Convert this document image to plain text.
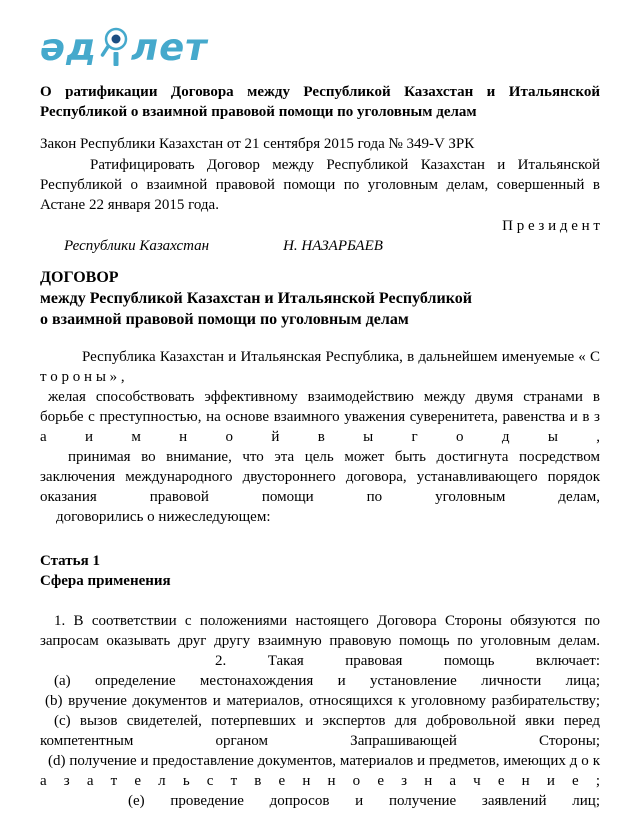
әд лет
О ратификации Договора между Республикой Казахстан и Итальянской Республикой о взаимной правовой помощи по уголовным делам

Закон Республики Казахстан от 21 сентября 2015 года № 349-V ЗРК

Ратифицировать Договор между Республикой Казахстан и Итальянской Республикой о взаимной правовой помощи по уголовным делам, совершенный в Астане 22 января 2015 года.

П р е з и д е н т

Республики Казахстан	Н. НАЗАРБАЕВ

ДОГОВОР
между Республикой Казахстан и Итальянской Республикой
о взаимной правовой помощи по уголовным делам

Республика Казахстан и Итальянская Республика, в дальнейшем именуемые « С т о р о н ы » ,

желая способствовать эффективному взаимодействию между двумя странами в борьбе с преступностью, на основе взаимного уважения суверенитета, равенства и в з а и м н о й в ы г о д ы ,

принимая во внимание, что эта цель может быть достигнута посредством заключения международного двустороннего договора, устанавливающего порядок оказания правовой помощи по уголовным делам,

договорились о нижеследующем:

Статья 1
Сфера применения

1. В соответствии с положениями настоящего Договора Стороны обязуются по запросам оказывать друг другу взаимную правовую помощь по уголовным делам.

2. Такая правовая помощь включает:

(a) определение местонахождения и установление личности лица;

(b) вручение документов и материалов, относящихся к уголовному разбирательству;

(c) вызов свидетелей, потерпевших и экспертов для добровольной явки перед компетентным органом Запрашивающей Стороны;

(d) получение и предоставление документов, материалов и предметов, имеющих д о к а з а т е л ь с т в е н н о е з н а ч е н и е ;

(e) проведение допросов и получение заявлений лиц;
